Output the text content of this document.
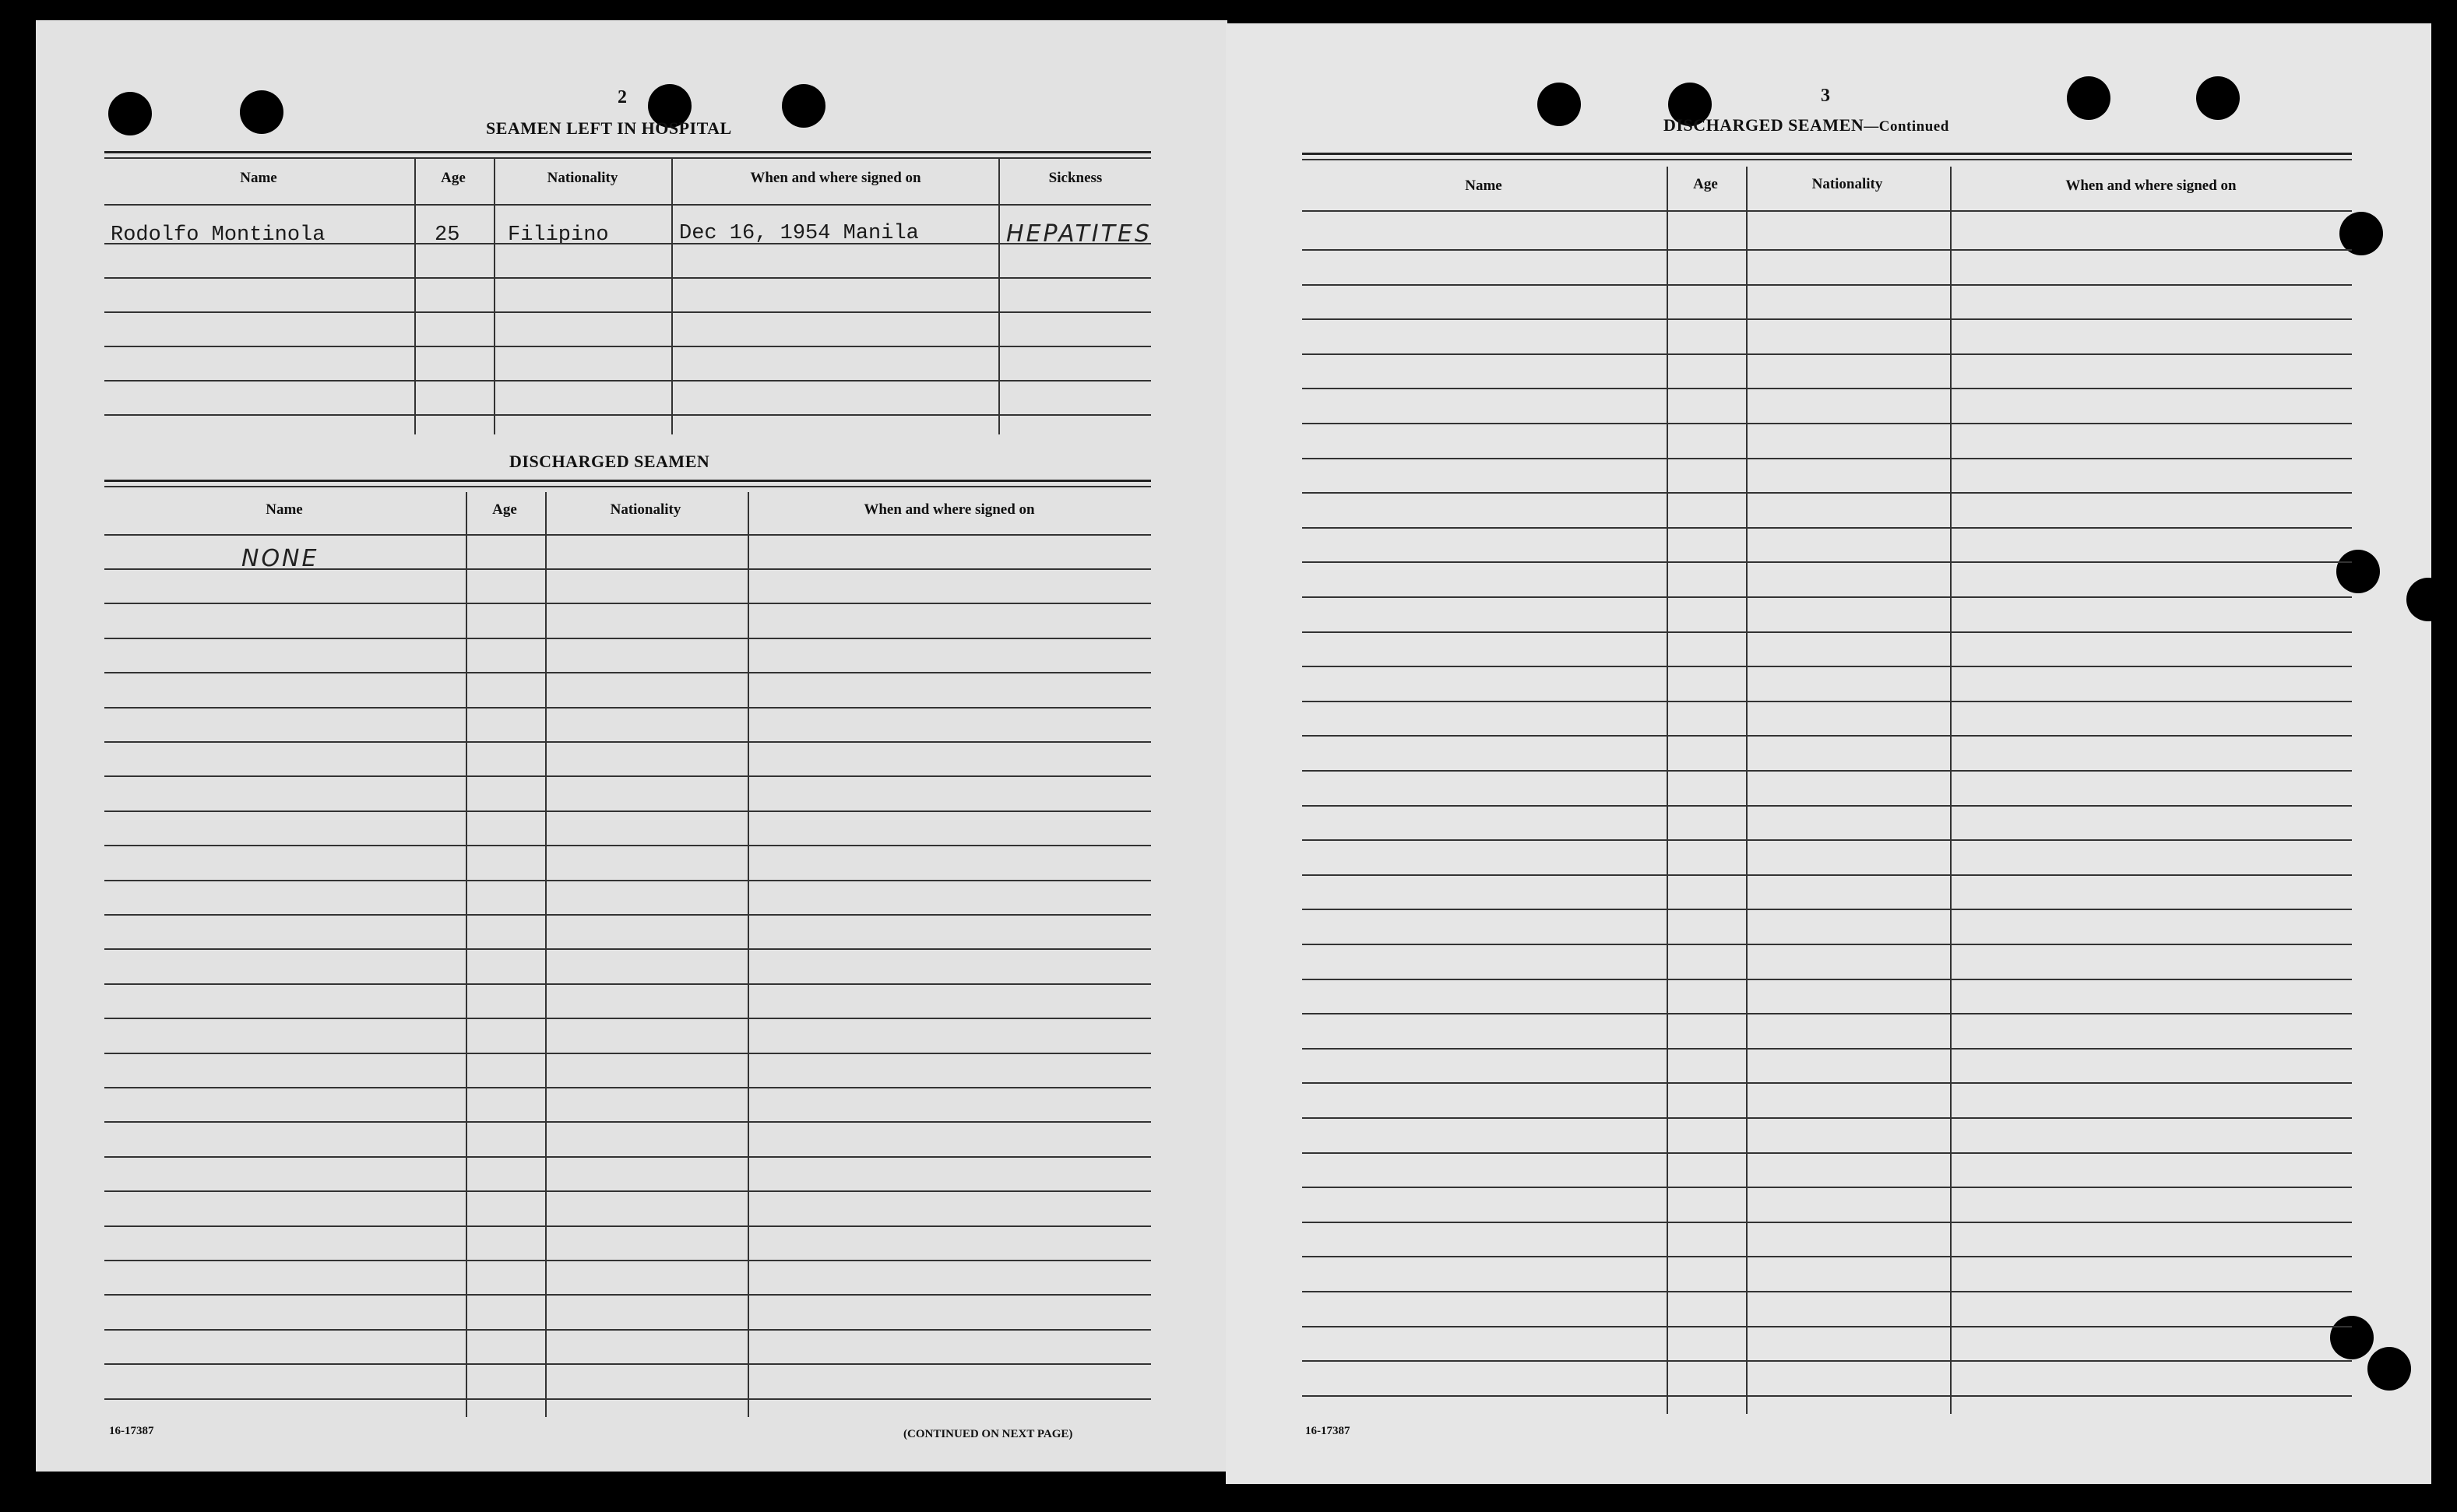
2
SEAMEN LEFT IN HOSPITAL
Name	Age	Nationality	When and where signed on	Sickness
Rodolfo Montinola	25 Filipino	Dec 16, 1954 Manila	HEPATITES
DISCHARGED SEAMEN
Name	Age	Nationality	When and where signed on
NONE
16-17387	(CONTINUED ON NEXT PAGE)
3
DISCHARGED SEAMEN—Continued
Name	Age	Nationality	When and where signed on
16-17387
